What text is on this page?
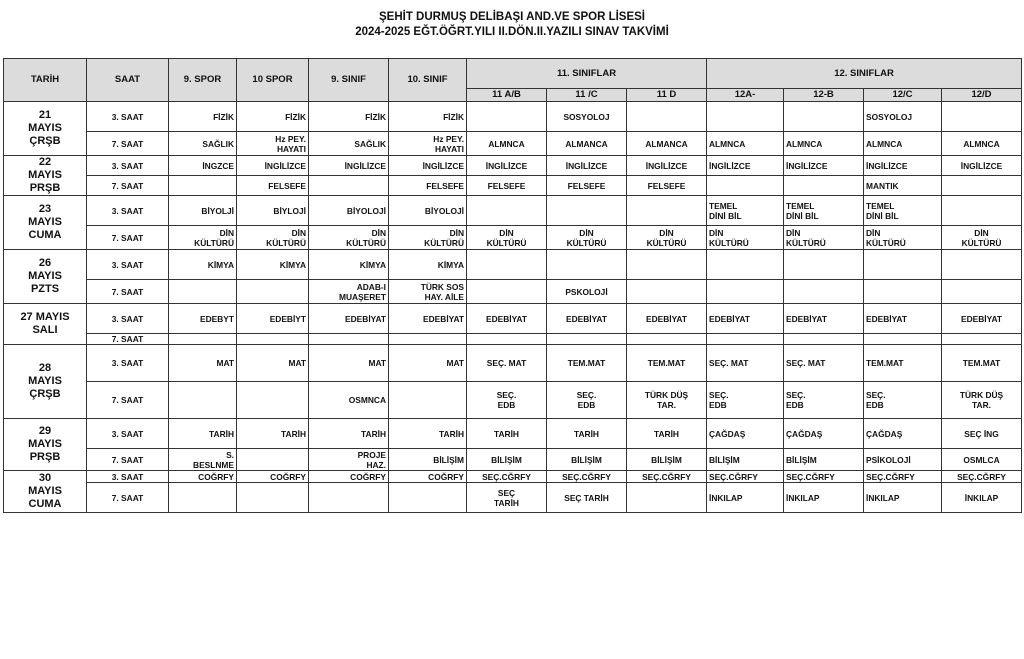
ŞEHİT DURMUŞ DELİBAŞI AND.VE SPOR LİSESİ
2024-2025 EĞT.ÖĞRT.YILI II.DÖN.II.YAZILI SINAV TAKVİMİ
TARİH	SAAT	9. SPOR	10 SPOR	9. SINIF	10. SINIF	11. SINIFLAR			12. SINIFLAR			
						11 A/B	11 /C	11 D	12A-	12-B	12/C	12/D

21
MAYIS
ÇRŞB	3. SAAT	FİZİK	FİZİK	FİZİK	FİZİK		SOSYOLOJ				SOSYOLOJ	
	7. SAAT	SAĞLIK	Hz PEY.
HAYATI	SAĞLIK	Hz PEY.
HAYATI	ALMNCA	ALMANCA	ALMANCA	ALMNCA	ALMNCA	ALMNCA	ALMNCA

22
MAYIS
PRŞB	3. SAAT	İNGZCE	İNGİLİZCE	İNGİLİZCE	İNGİLİZCE	İNGİLİZCE	İNGİLİZCE	İNGİLİZCE	İNGİLİZCE	İNGİLİZCE	İNGİLİZCE	İNGİLİZCE
	7. SAAT		FELSEFE		FELSEFE	FELSEFE	FELSEFE	FELSEFE			MANTIK	

23
MAYIS
CUMA	3. SAAT	BİYOLJİ	BİYLOJİ	BİYOLOJİ	BİYOLOJİ				TEMEL
DİNİ BİL	TEMEL
DİNİ BİL	TEMEL
DİNİ BİL	
	7. SAAT	DİN
KÜLTÜRÜ	DİN
KÜLTÜRÜ	DİN
KÜLTÜRÜ	DİN
KÜLTÜRÜ	DİN
KÜLTÜRÜ	DİN
KÜLTÜRÜ	DİN
KÜLTÜRÜ	DİN
KÜLTÜRÜ	DİN
KÜLTÜRÜ	DİN
KÜLTÜRÜ	DİN
KÜLTÜRÜ

26
MAYIS
PZTS	3. SAAT	KİMYA	KİMYA	KİMYA	KİMYA							
	7. SAAT			ADAB-I
MUAŞERET	TÜRK SOS
HAY. AİLE		PSKOLOJİ					

27 MAYIS
SALI	3. SAAT	EDEBYT	EDEBİYT	EDEBİYAT	EDEBİYAT	EDEBİYAT	EDEBİYAT	EDEBİYAT	EDEBİYAT	EDEBİYAT	EDEBİYAT	EDEBİYAT
	7. SAAT											

28
MAYIS
ÇRŞB	3. SAAT	MAT	MAT	MAT	MAT	SEÇ. MAT	TEM.MAT	TEM.MAT	SEÇ. MAT	SEÇ. MAT	TEM.MAT	TEM.MAT
	7. SAAT			OSMNCA		SEÇ.
EDB	SEÇ.
EDB	TÜRK DÜŞ
TAR.	SEÇ.
EDB	SEÇ.
EDB	SEÇ.
EDB	TÜRK DÜŞ
TAR.

29
MAYIS
PRŞB	3. SAAT	TARİH	TARİH	TARİH	TARİH	TARİH	TARİH	TARİH	ÇAĞDAŞ	ÇAĞDAŞ	ÇAĞDAŞ	SEÇ İNG
	7. SAAT	S.
BESLNME		PROJE
HAZ.	BİLİŞİM	BİLİŞİM	BİLİŞİM	BİLİŞİM	BİLİŞİM	BİLİŞİM	PSİKOLOJİ	OSMLCA

30
MAYIS
CUMA	3. SAAT	COĞRFY	COĞRFY	COĞRFY	COĞRFY	SEÇ.CĞRFY	SEÇ.CĞRFY	SEÇ.CĞRFY	SEÇ.CĞRFY	SEÇ.CĞRFY	SEÇ.CĞRFY	SEÇ.CĞRFY
	7. SAAT					SEÇ
TARİH	SEÇ TARİH		İNKILAP	İNKILAP	İNKILAP	İNKILAP
